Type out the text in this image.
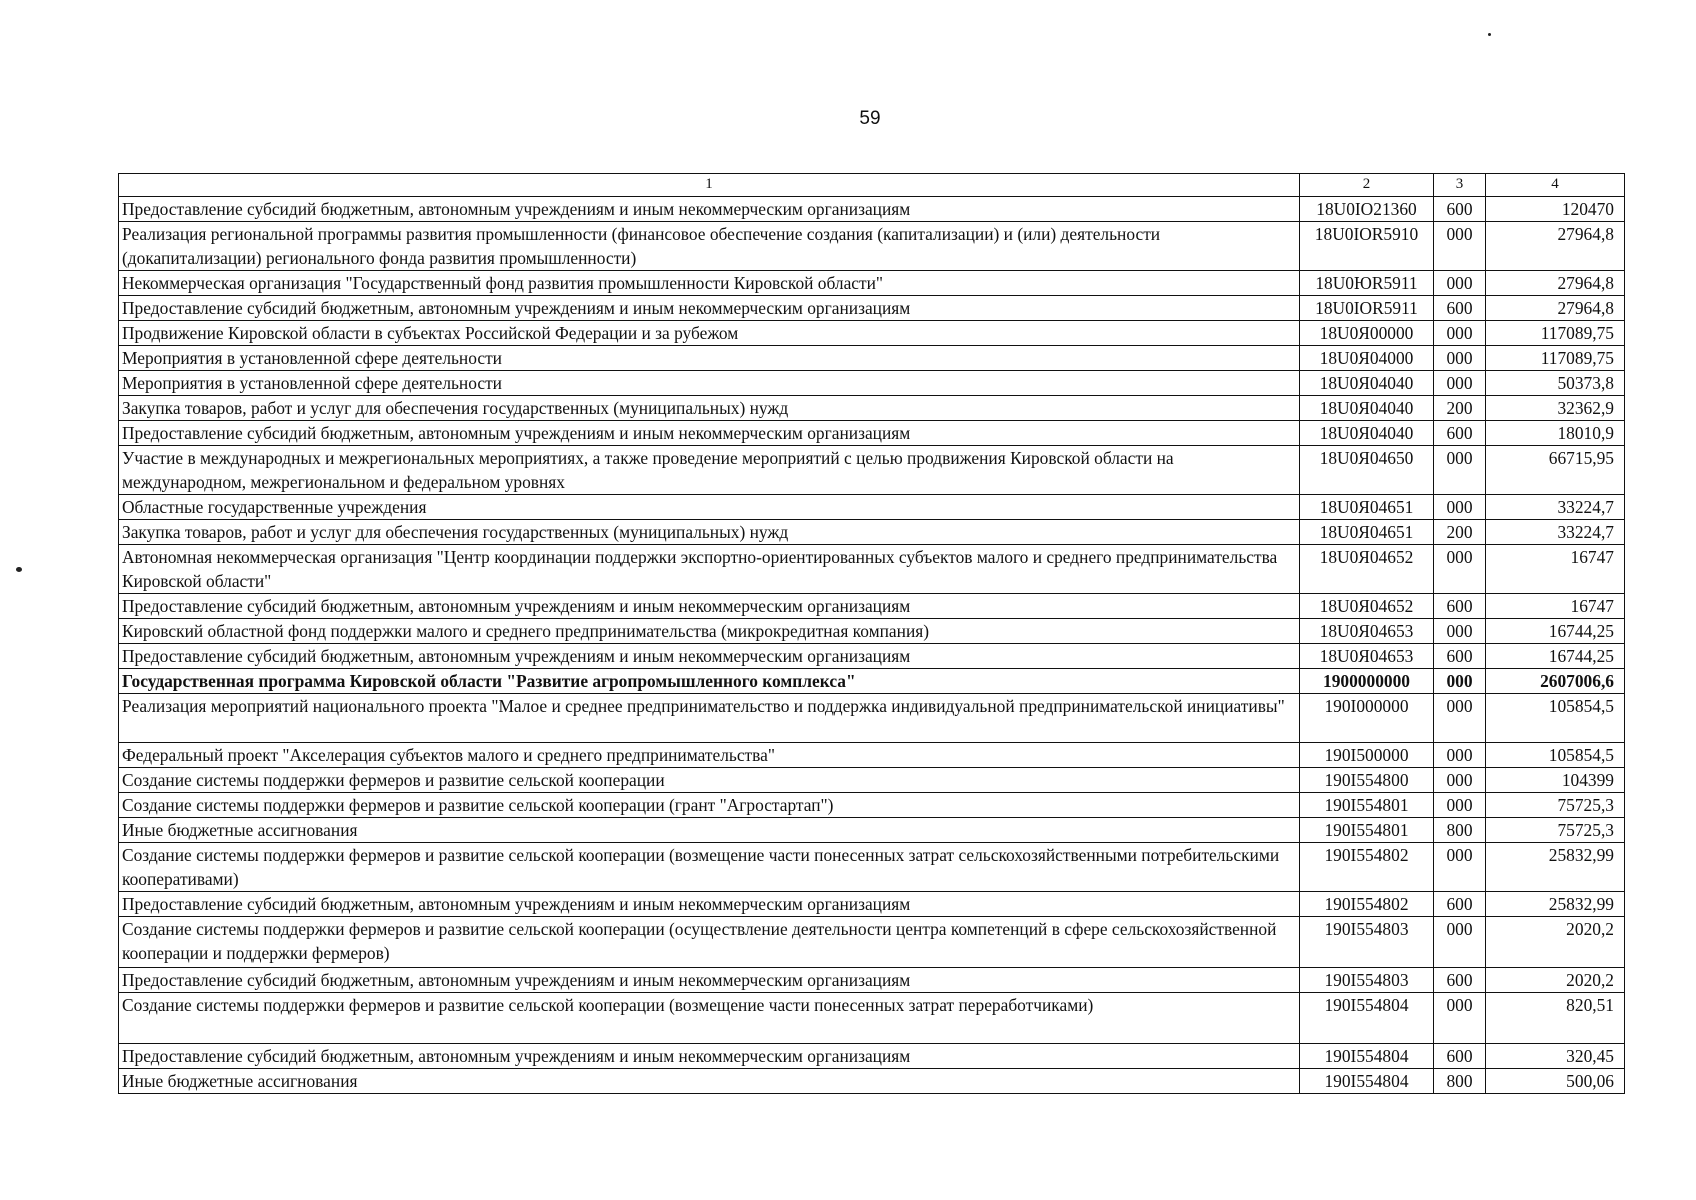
59
1	2	3	4
Предоставление субсидий бюджетным, автономным учреждениям и иным некоммерческим организациям	18U0IO21360	600	120470
Реализация региональной программы развития промышленности (финансовое обеспечение создания (капитализации) и (или) деятельности (докапитализации) регионального фонда развития промышленности)	18U0IOR5910	000	27964,8
Некоммерческая организация "Государственный фонд развития промышленности Кировской области"	18U0ЮR5911	000	27964,8
Предоставление субсидий бюджетным, автономным учреждениям и иным некоммерческим организациям	18U0IOR5911	600	27964,8
Продвижение Кировской области в субъектах Российской Федерации и за рубежом	18U0Я00000	000	117089,75
Мероприятия в установленной сфере деятельности	18U0Я04000	000	117089,75
Мероприятия в установленной сфере деятельности	18U0Я04040	000	50373,8
Закупка товаров, работ и услуг для обеспечения государственных (муниципальных) нужд	18U0Я04040	200	32362,9
Предоставление субсидий бюджетным, автономным учреждениям и иным некоммерческим организациям	18U0Я04040	600	18010,9
Участие в международных и межрегиональных мероприятиях, а также проведение мероприятий с целью продвижения Кировской области на международном, межрегиональном и федеральном уровнях	18U0Я04650	000	66715,95
Областные государственные учреждения	18U0Я04651	000	33224,7
Закупка товаров, работ и услуг для обеспечения государственных (муниципальных) нужд	18U0Я04651	200	33224,7
Автономная некоммерческая организация "Центр координации поддержки экспортно-ориентированных субъектов малого и среднего предпринимательства Кировской области"	18U0Я04652	000	16747
Предоставление субсидий бюджетным, автономным учреждениям и иным некоммерческим организациям	18U0Я04652	600	16747
Кировский областной фонд поддержки малого и среднего предпринимательства (микрокредитная компания)	18U0Я04653	000	16744,25
Предоставление субсидий бюджетным, автономным учреждениям и иным некоммерческим организациям	18U0Я04653	600	16744,25
Государственная программа Кировской области "Развитие агропромышленного комплекса"	1900000000	000	2607006,6
Реализация мероприятий национального проекта "Малое и среднее предпринимательство и поддержка индивидуальной предпринимательской инициативы"	190I000000	000	105854,5
Федеральный проект "Акселерация субъектов малого и среднего предпринимательства"	190I500000	000	105854,5
Создание системы поддержки фермеров и развитие сельской кооперации	190I554800	000	104399
Создание системы поддержки фермеров и развитие сельской кооперации (грант "Агростартап")	190I554801	000	75725,3
Иные бюджетные ассигнования	190I554801	800	75725,3
Создание системы поддержки фермеров и развитие сельской кооперации (возмещение части понесенных затрат сельскохозяйственными потребительскими кооперативами)	190I554802	000	25832,99
Предоставление субсидий бюджетным, автономным учреждениям и иным некоммерческим организациям	190I554802	600	25832,99
Создание системы поддержки фермеров и развитие сельской кооперации (осуществление деятельности центра компетенций в сфере сельскохозяйственной кооперации и поддержки фермеров)	190I554803	000	2020,2
Предоставление субсидий бюджетным, автономным учреждениям и иным некоммерческим организациям	190I554803	600	2020,2
Создание системы поддержки фермеров и развитие сельской кооперации (возмещение части понесенных затрат переработчиками)	190I554804	000	820,51
Предоставление субсидий бюджетным, автономным учреждениям и иным некоммерческим организациям	190I554804	600	320,45
Иные бюджетные ассигнования	190I554804	800	500,06
